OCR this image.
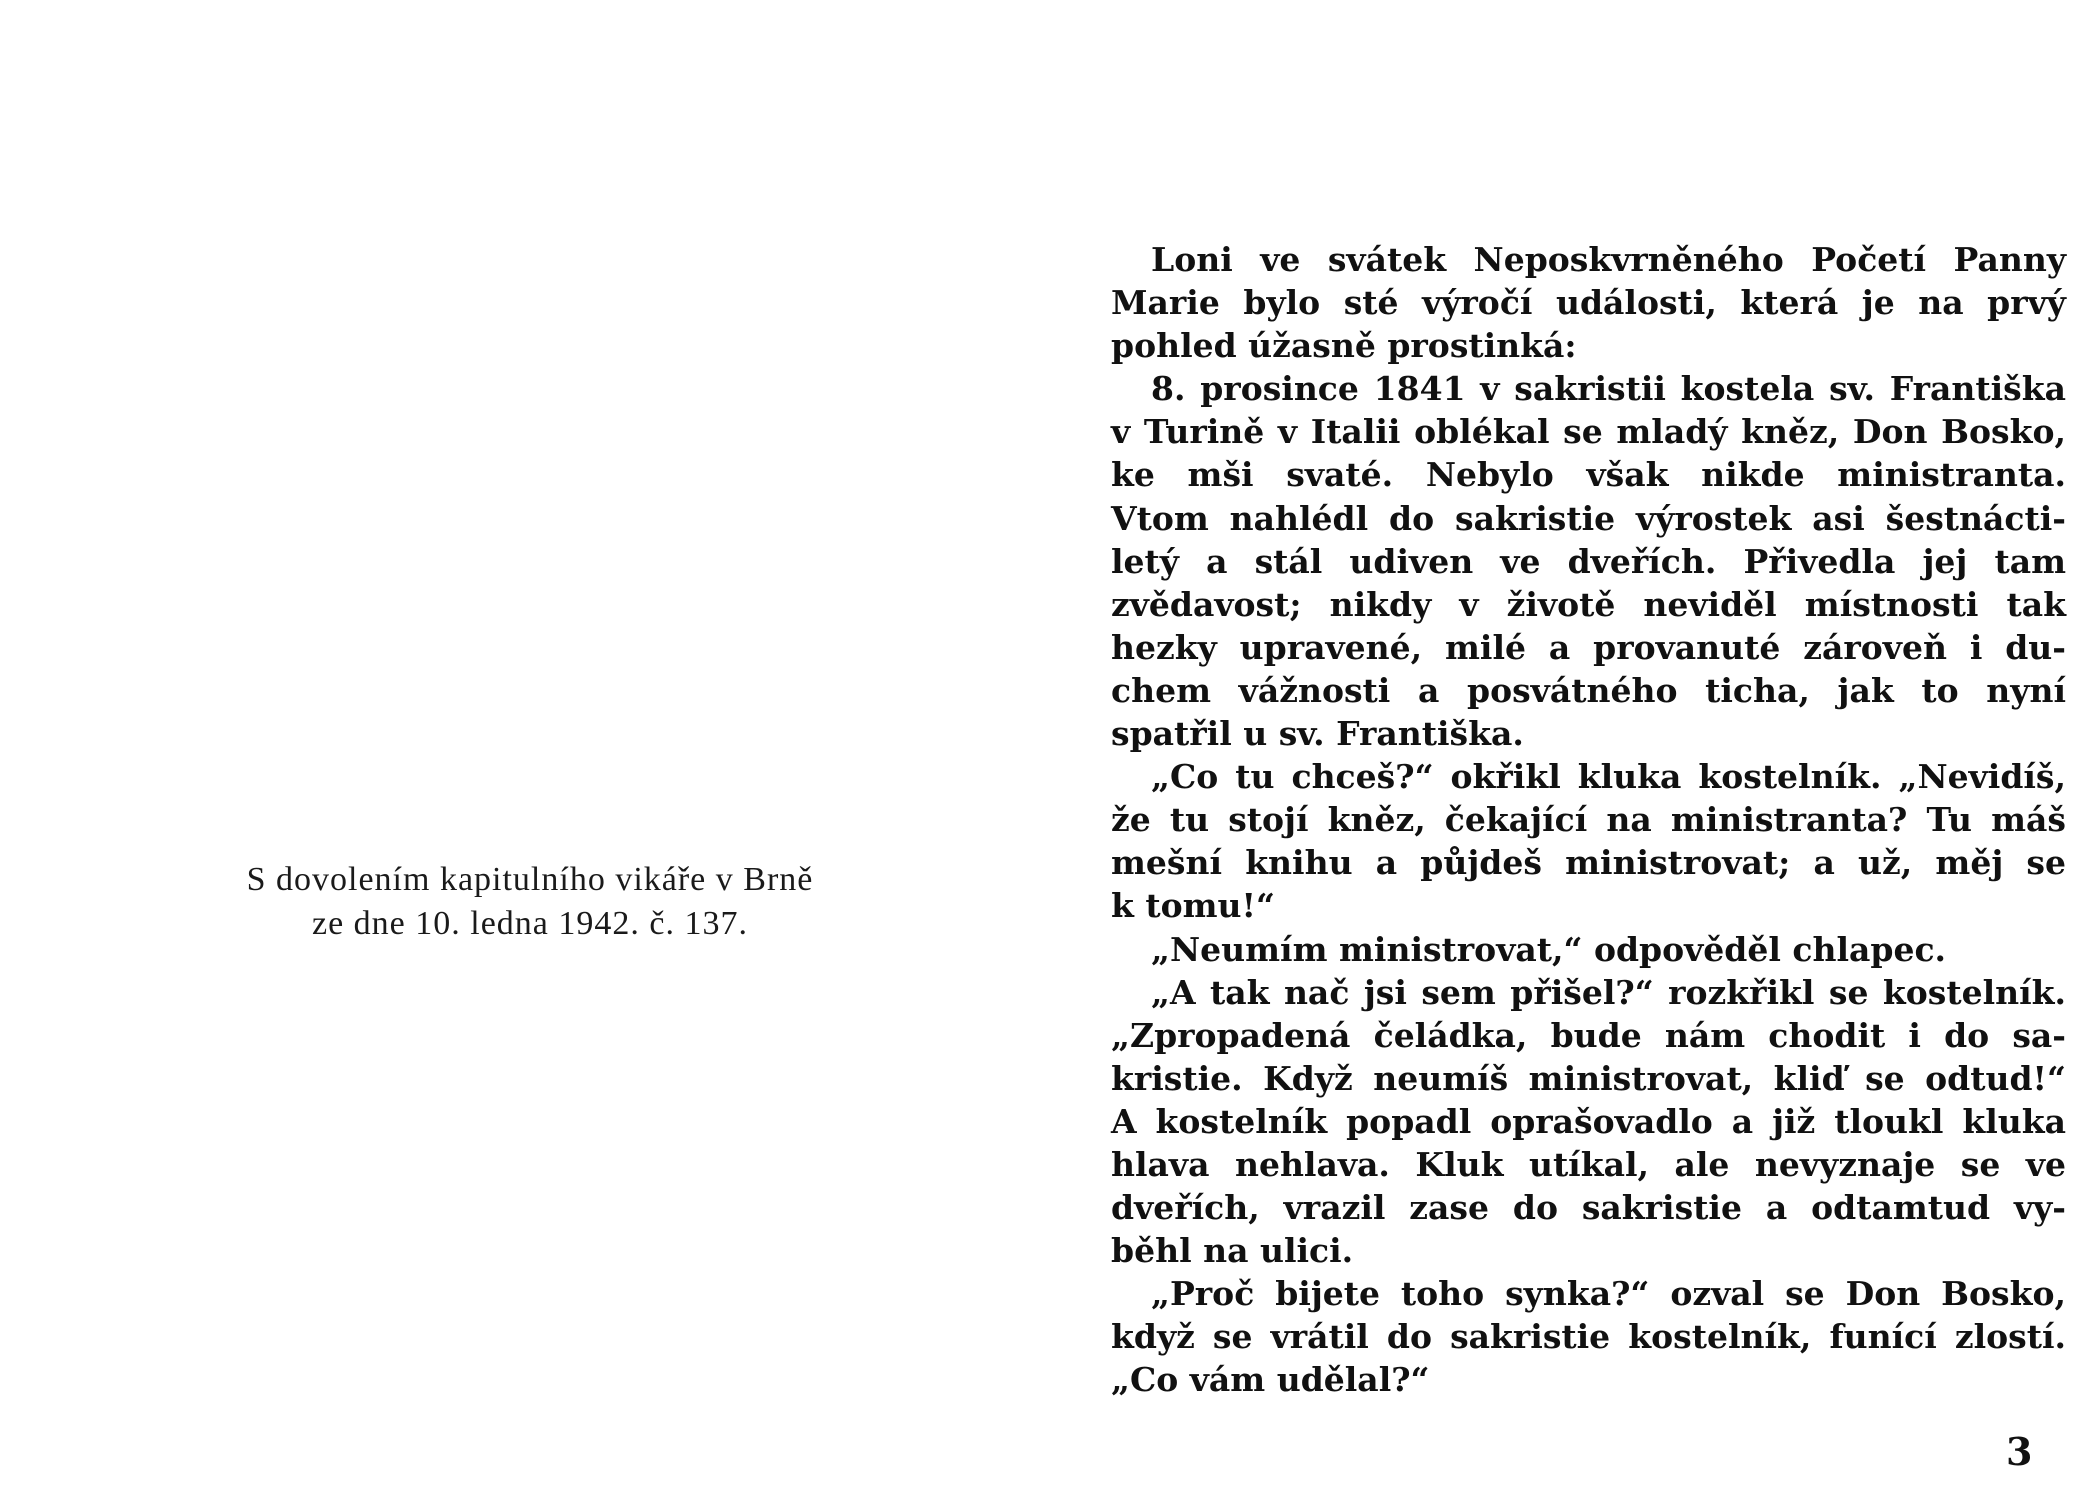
S dovolením kapitulního vikáře v Brně
ze dne 10. ledna 1942. č. 137.
Loni ve svátek Neposkvrněného Početí Panny
Marie bylo sté výročí události, která je na prvý
pohled úžasně prostinká:
8. prosince 1841 v sakristii kostela sv. Františka
v Turině v Italii oblékal se mladý kněz, Don Bosko,
ke mši svaté. Nebylo však nikde ministranta.
Vtom nahlédl do sakristie výrostek asi šestnácti-
letý a stál udiven ve dveřích. Přivedla jej tam
zvědavost; nikdy v životě neviděl místnosti tak
hezky upravené, milé a provanuté zároveň i du-
chem vážnosti a posvátného ticha, jak to nyní
spatřil u sv. Františka.
„Co tu chceš?“ okřikl kluka kostelník. „Nevidíš,
že tu stojí kněz, čekající na ministranta? Tu máš
mešní knihu a půjdeš ministrovat; a už, měj se
k tomu!“
„Neumím ministrovat,“ odpověděl chlapec.
„A tak nač jsi sem přišel?“ rozkřikl se kostelník.
„Zpropadená čeládka, bude nám chodit i do sa-
kristie. Když neumíš ministrovat, kliď se odtud!“
A kostelník popadl oprašovadlo a již tloukl kluka
hlava nehlava. Kluk utíkal, ale nevyznaje se ve
dveřích, vrazil zase do sakristie a odtamtud vy-
běhl na ulici.
„Proč bijete toho synka?“ ozval se Don Bosko,
když se vrátil do sakristie kostelník, funící zlostí.
„Co vám udělal?“
3
